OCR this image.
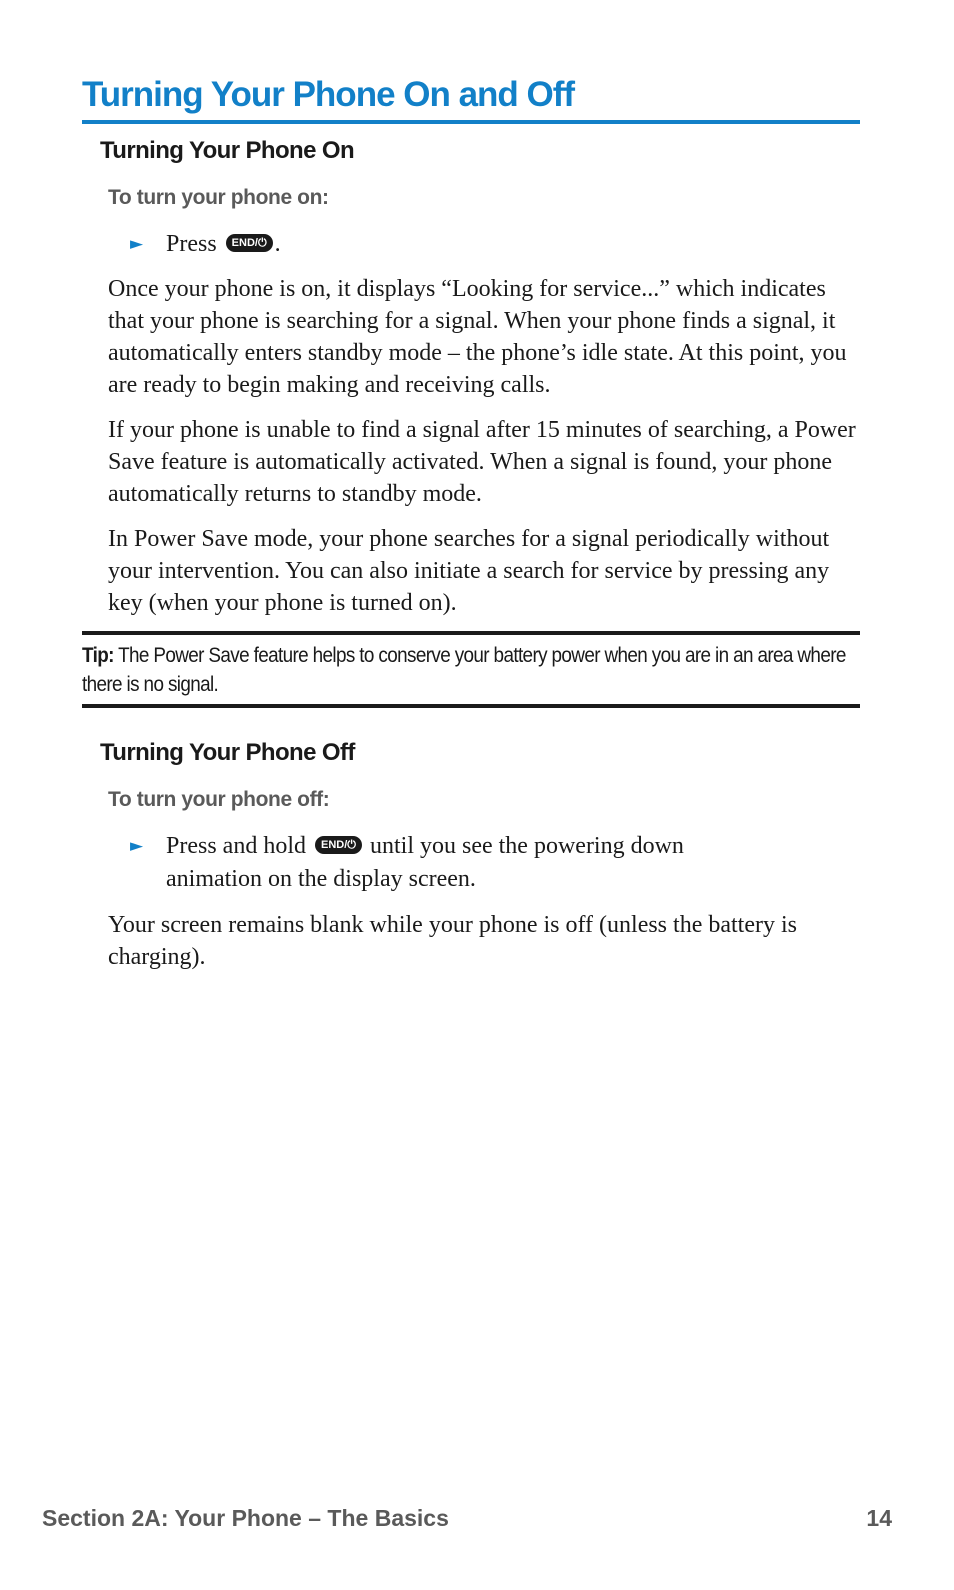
Turning Your Phone On and Off
Turning Your Phone On
To turn your phone on:
► Press END/⏻ .

Once your phone is on, it displays “Looking for service...” which indicates that your phone is searching for a signal. When your phone finds a signal, it automatically enters standby mode – the phone’s idle state. At this point, you are ready to begin making and receiving calls.

If your phone is unable to find a signal after 15 minutes of searching, a Power Save feature is automatically activated. When a signal is found, your phone automatically returns to standby mode.

In Power Save mode, your phone searches for a signal periodically without your intervention. You can also initiate a search for service by pressing any key (when your phone is turned on).

Tip: The Power Save feature helps to conserve your battery power when you are in an area where there is no signal.

Turning Your Phone Off
To turn your phone off:
► Press and hold END/⏻ until you see the powering down animation on the display screen.

Your screen remains blank while your phone is off (unless the battery is charging).

Section 2A: Your Phone – The Basics	14
